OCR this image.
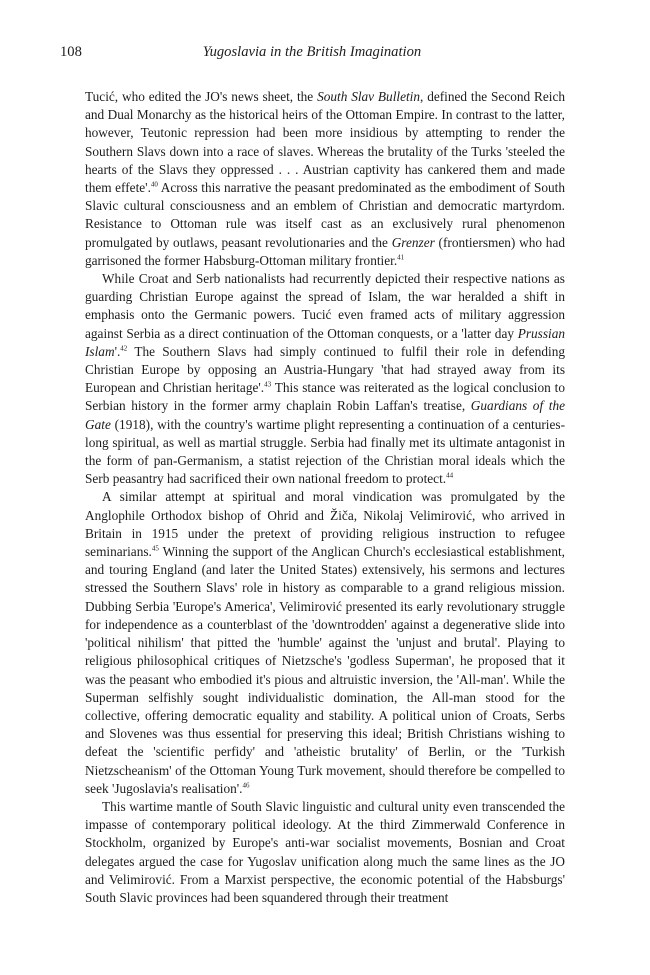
108	Yugoslavia in the British Imagination

Tucić, who edited the JO's news sheet, the South Slav Bulletin, defined the Second Reich and Dual Monarchy as the historical heirs of the Ottoman Empire. In contrast to the latter, however, Teutonic repression had been more insidious by attempting to render the Southern Slavs down into a race of slaves. Whereas the brutality of the Turks 'steeled the hearts of the Slavs they oppressed . . . Austrian captivity has cankered them and made them effete'.$^{40}$ Across this narrative the peasant predominated as the embodiment of South Slavic cultural consciousness and an emblem of Christian and democratic martyrdom. Resistance to Ottoman rule was itself cast as an exclusively rural phenomenon promulgated by outlaws, peasant revolutionaries and the Grenzer (frontiersmen) who had garrisoned the former Habsburg-Ottoman military frontier.$^{41}$

While Croat and Serb nationalists had recurrently depicted their respective nations as guarding Christian Europe against the spread of Islam, the war heralded a shift in emphasis onto the Germanic powers. Tucić even framed acts of military aggression against Serbia as a direct continuation of the Ottoman conquests, or a 'latter day Prussian Islam'.$^{42}$ The Southern Slavs had simply continued to fulfil their role in defending Christian Europe by opposing an Austria-Hungary 'that had strayed away from its European and Christian heritage'.$^{43}$ This stance was reiterated as the logical conclusion to Serbian history in the former army chaplain Robin Laffan's treatise, Guardians of the Gate (1918), with the country's wartime plight representing a continuation of a centuries-long spiritual, as well as martial struggle. Serbia had finally met its ultimate antagonist in the form of pan-Germanism, a statist rejection of the Christian moral ideals which the Serb peasantry had sacrificed their own national freedom to protect.$^{44}$

A similar attempt at spiritual and moral vindication was promulgated by the Anglophile Orthodox bishop of Ohrid and Žiča, Nikolaj Velimirović, who arrived in Britain in 1915 under the pretext of providing religious instruction to refugee seminarians.$^{45}$ Winning the support of the Anglican Church's ecclesiastical establishment, and touring England (and later the United States) extensively, his sermons and lectures stressed the Southern Slavs' role in history as comparable to a grand religious mission. Dubbing Serbia 'Europe's America', Velimirović presented its early revolutionary struggle for independence as a counterblast of the 'downtrodden' against a degenerative slide into 'political nihilism' that pitted the 'humble' against the 'unjust and brutal'. Playing to religious philosophical critiques of Nietzsche's 'godless Superman', he proposed that it was the peasant who embodied it's pious and altruistic inversion, the 'All-man'. While the Superman selfishly sought individualistic domination, the All-man stood for the collective, offering democratic equality and stability. A political union of Croats, Serbs and Slovenes was thus essential for preserving this ideal; British Christians wishing to defeat the 'scientific perfidy' and 'atheistic brutality' of Berlin, or the 'Turkish Nietzscheanism' of the Ottoman Young Turk movement, should therefore be compelled to seek 'Jugoslavia's realisation'.$^{46}$

This wartime mantle of South Slavic linguistic and cultural unity even transcended the impasse of contemporary political ideology. At the third Zimmerwald Conference in Stockholm, organized by Europe's anti-war socialist movements, Bosnian and Croat delegates argued the case for Yugoslav unification along much the same lines as the JO and Velimirović. From a Marxist perspective, the economic potential of the Habsburgs' South Slavic provinces had been squandered through their treatment
